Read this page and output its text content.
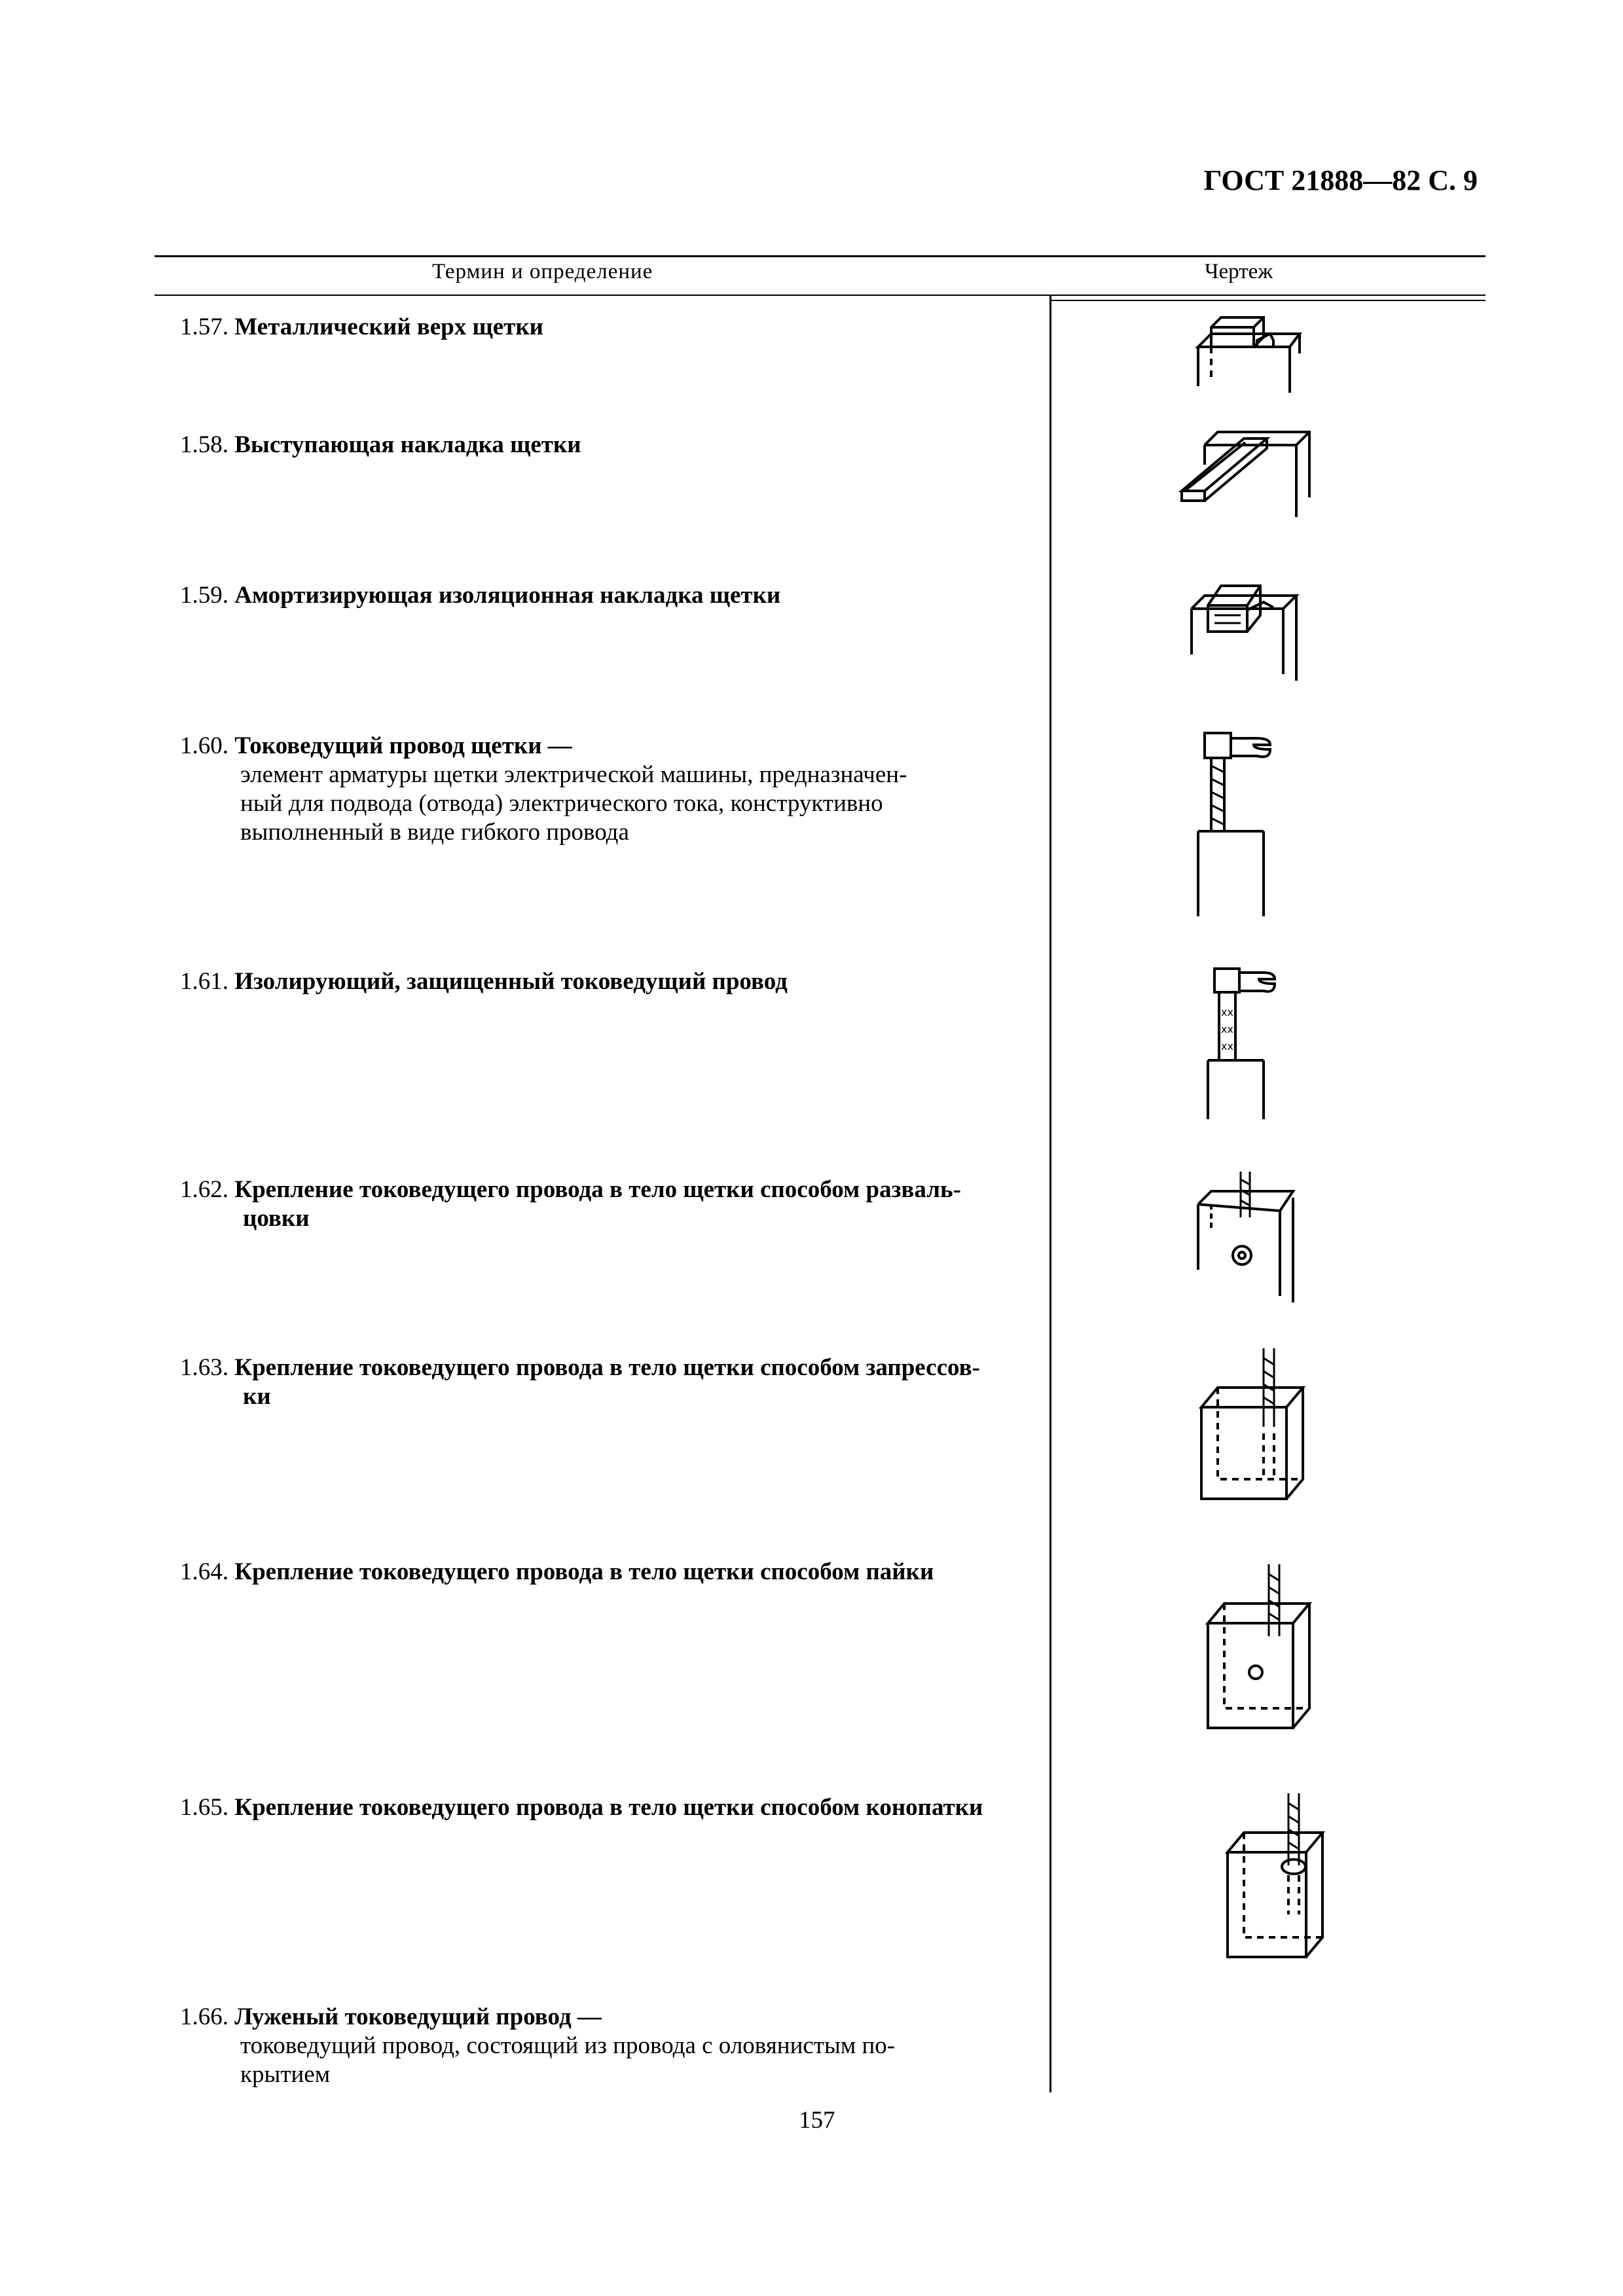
ГОСТ 21888—82 С. 9
Термин и определение	Чертеж
1.57. Металлический верх щетки
1.58. Выступающая накладка щетки
1.59. Амортизирующая изоляционная накладка щетки
1.60. Токоведущий провод щетки —
элемент арматуры щетки электрической машины, предназначен-
ный для подвода (отвода) электрического тока, конструктивно
выполненный в виде гибкого провода
1.61. Изолирующий, защищенный токоведущий провод
1.62. Крепление токоведущего провода в тело щетки способом разваль-
цовки
1.63. Крепление токоведущего провода в тело щетки способом запрессов-
ки
1.64. Крепление токоведущего провода в тело щетки способом пайки
1.65. Крепление токоведущего провода в тело щетки способом конопатки
1.66. Луженый токоведущий провод —
токоведущий провод, состоящий из провода с оловянистым по-
крытием
xx
xx
xx
157
